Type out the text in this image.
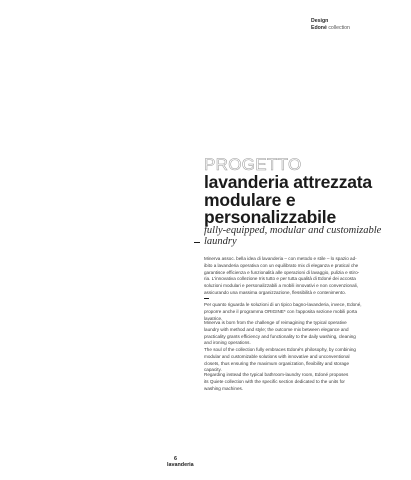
Design
Edoné collection
PROGETTO
lavanderia attrezzata
modulare e
personalizzabile
fully-equipped, modular and customizable
laundry
Minerva assoc. bella idea di lavanderia – con metodo e stile – lo spazio ad-
ibito a lavanderia operativa con un equilibrato mix di eleganza e pratical che
garantisce efficienza e funzionalità alle operazioni di lavaggio, pulizia e stiro-
ria. L'innovativa collezione Iris tutto e per tutta qualità di Edoné dei accosta
soluzioni modulari e personalizzabili a mobili innovativi e non convenzionali,
assicurando una massima organizzazione, flessibilità e contenimento.
Per quanto riguarda le soluzioni di un tipico bagno-lavanderia, invece, Edoné,
proporre anche il programma ORIGINE* con l'apposita sezione mobili porta
lavatrice.
Minerva is born from the challenge of reimagining the typical operative
laundry with method and style; the outcome mix between elegance and
practicality grants efficiency and functionality to the daily washing, cleaning
and ironing operations.
The soul of the collection fully embraces Edoné's philosophy, by combining
modular and customizable solutions with innovative and unconventional
closets, thus ensuring the maximum organization, flexibility and storage
capacity.
Regarding instead the typical bathroom-laundry room, Edoné proposes
its Quiete collection with the specific section dedicated to the units for
washing machines.
6
lavanderia
